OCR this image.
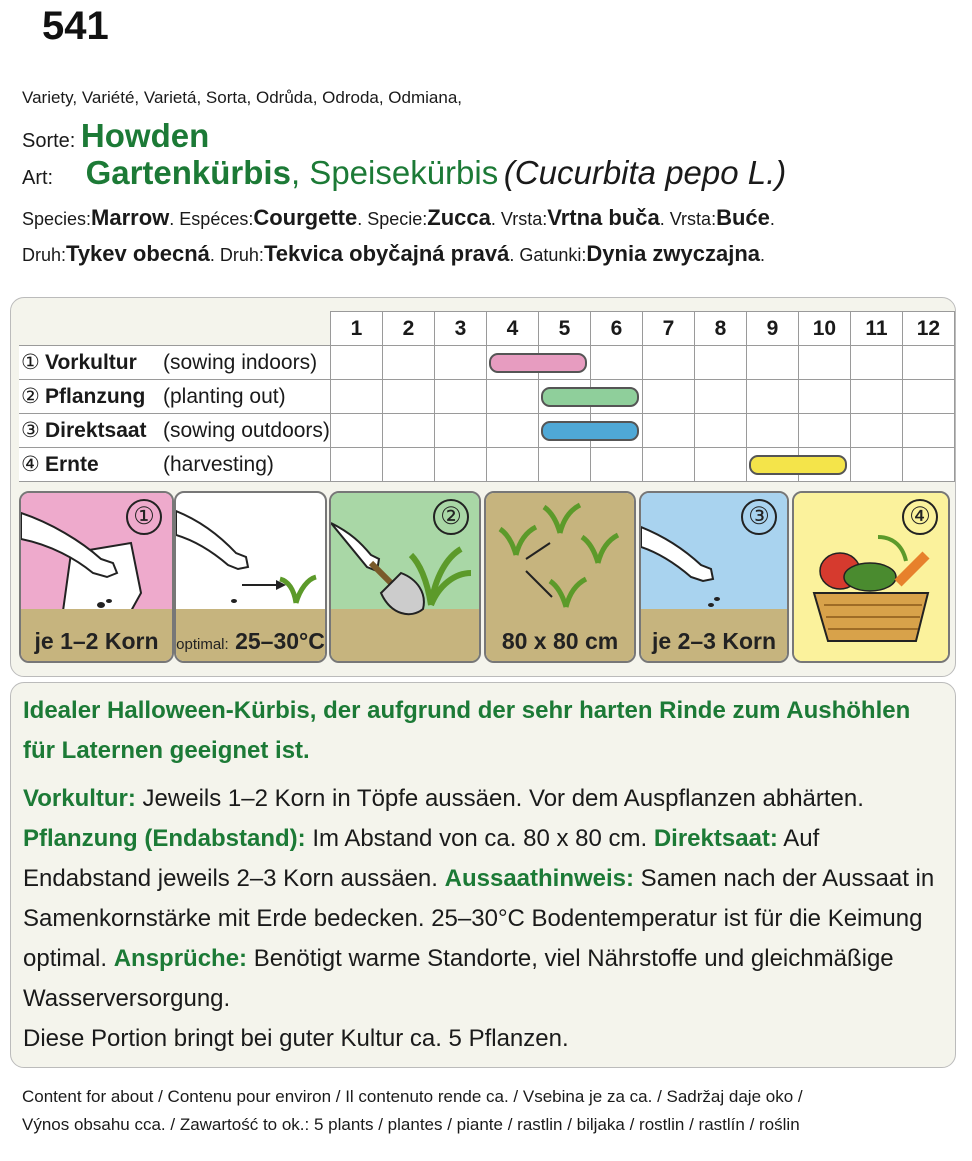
541
Variety, Variété, Varietá, Sorta, Odrůda, Odroda, Odmiana,
Sorte: Howden
Art: Gartenkürbis, Speisekürbis (Cucurbita pepo L.)
Species:Marrow. Espéces:Courgette. Specie:Zucca. Vrsta:Vrtna buča. Vrsta:Buće.
Druh:Tykev obecná. Druh:Tekvica obyčajná pravá. Gatunki:Dynia zwyczajna.
	1	2	3	4	5	6	7	8	9	10	11	12
① Vorkultur (sowing indoors)				

② Pflanzung (planting out)					

③ Direktsaat (sowing outdoors)					

④ Ernte (harvesting)									

①
je 1–2 Korn	optimal: 25–30°C
②
80 x 80 cm
③
je 2–3 Korn
④
Idealer Halloween-Kürbis, der aufgrund der sehr harten Rinde zum Aushöhlen für Laternen geeignet ist.
Vorkultur: Jeweils 1–2 Korn in Töpfe aussäen. Vor dem Auspflanzen abhärten.
Pflanzung (Endabstand): Im Abstand von ca. 80 x 80 cm. Direktsaat: Auf Endabstand jeweils 2–3 Korn aussäen. Aussaathinweis: Samen nach der Aussaat in Samenkornstärke mit Erde bedecken. 25–30°C Bodentemperatur ist für die Keimung optimal. Ansprüche: Benötigt warme Standorte, viel Nährstoffe und gleichmäßige Wasserversorgung.
Diese Portion bringt bei guter Kultur ca. 5 Pflanzen.
Content for about / Contenu pour environ / Il contenuto rende ca. / Vsebina je za ca. / Sadržaj daje oko /
Výnos obsahu cca. / Zawartość to ok.: 5 plants / plantes / piante / rastlin / biljaka / rostlin / rastlín / roślin
